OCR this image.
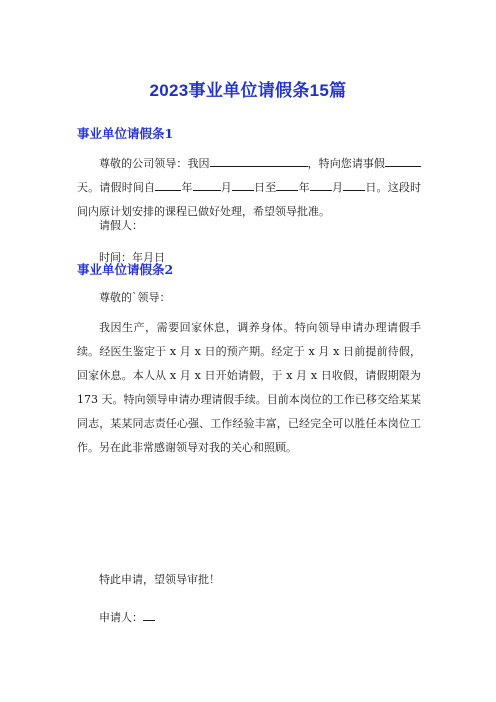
2023事业单位请假条15篇
事业单位请假条1

尊敬的公司领导：我因	，特向您请事假天。请假时间自 年	月 日至 年 月 日。这段时间内原计划安排的课程已做好处理，希望领导批准。

请假人：

时间：年月日

事业单位请假条2

尊敬的`领导：

我因生产，需要回家休息，调养身体。特向领导申请办理请假手续。经医生鉴定于 x 月 x 日的预产期。经定于 x 月 x 日前提前待假，回家休息。本人从 x 月 x 日开始请假，于 x 月 x 日收假，请假期限为 173 天。特向领导申请办理请假手续。目前本岗位的工作已移交给某某同志，某某同志责任心强、工作经验丰富，已经完全可以胜任本岗位工作。另在此非常感谢领导对我的关心和照顾。

特此申请，望领导审批！

申请人：
